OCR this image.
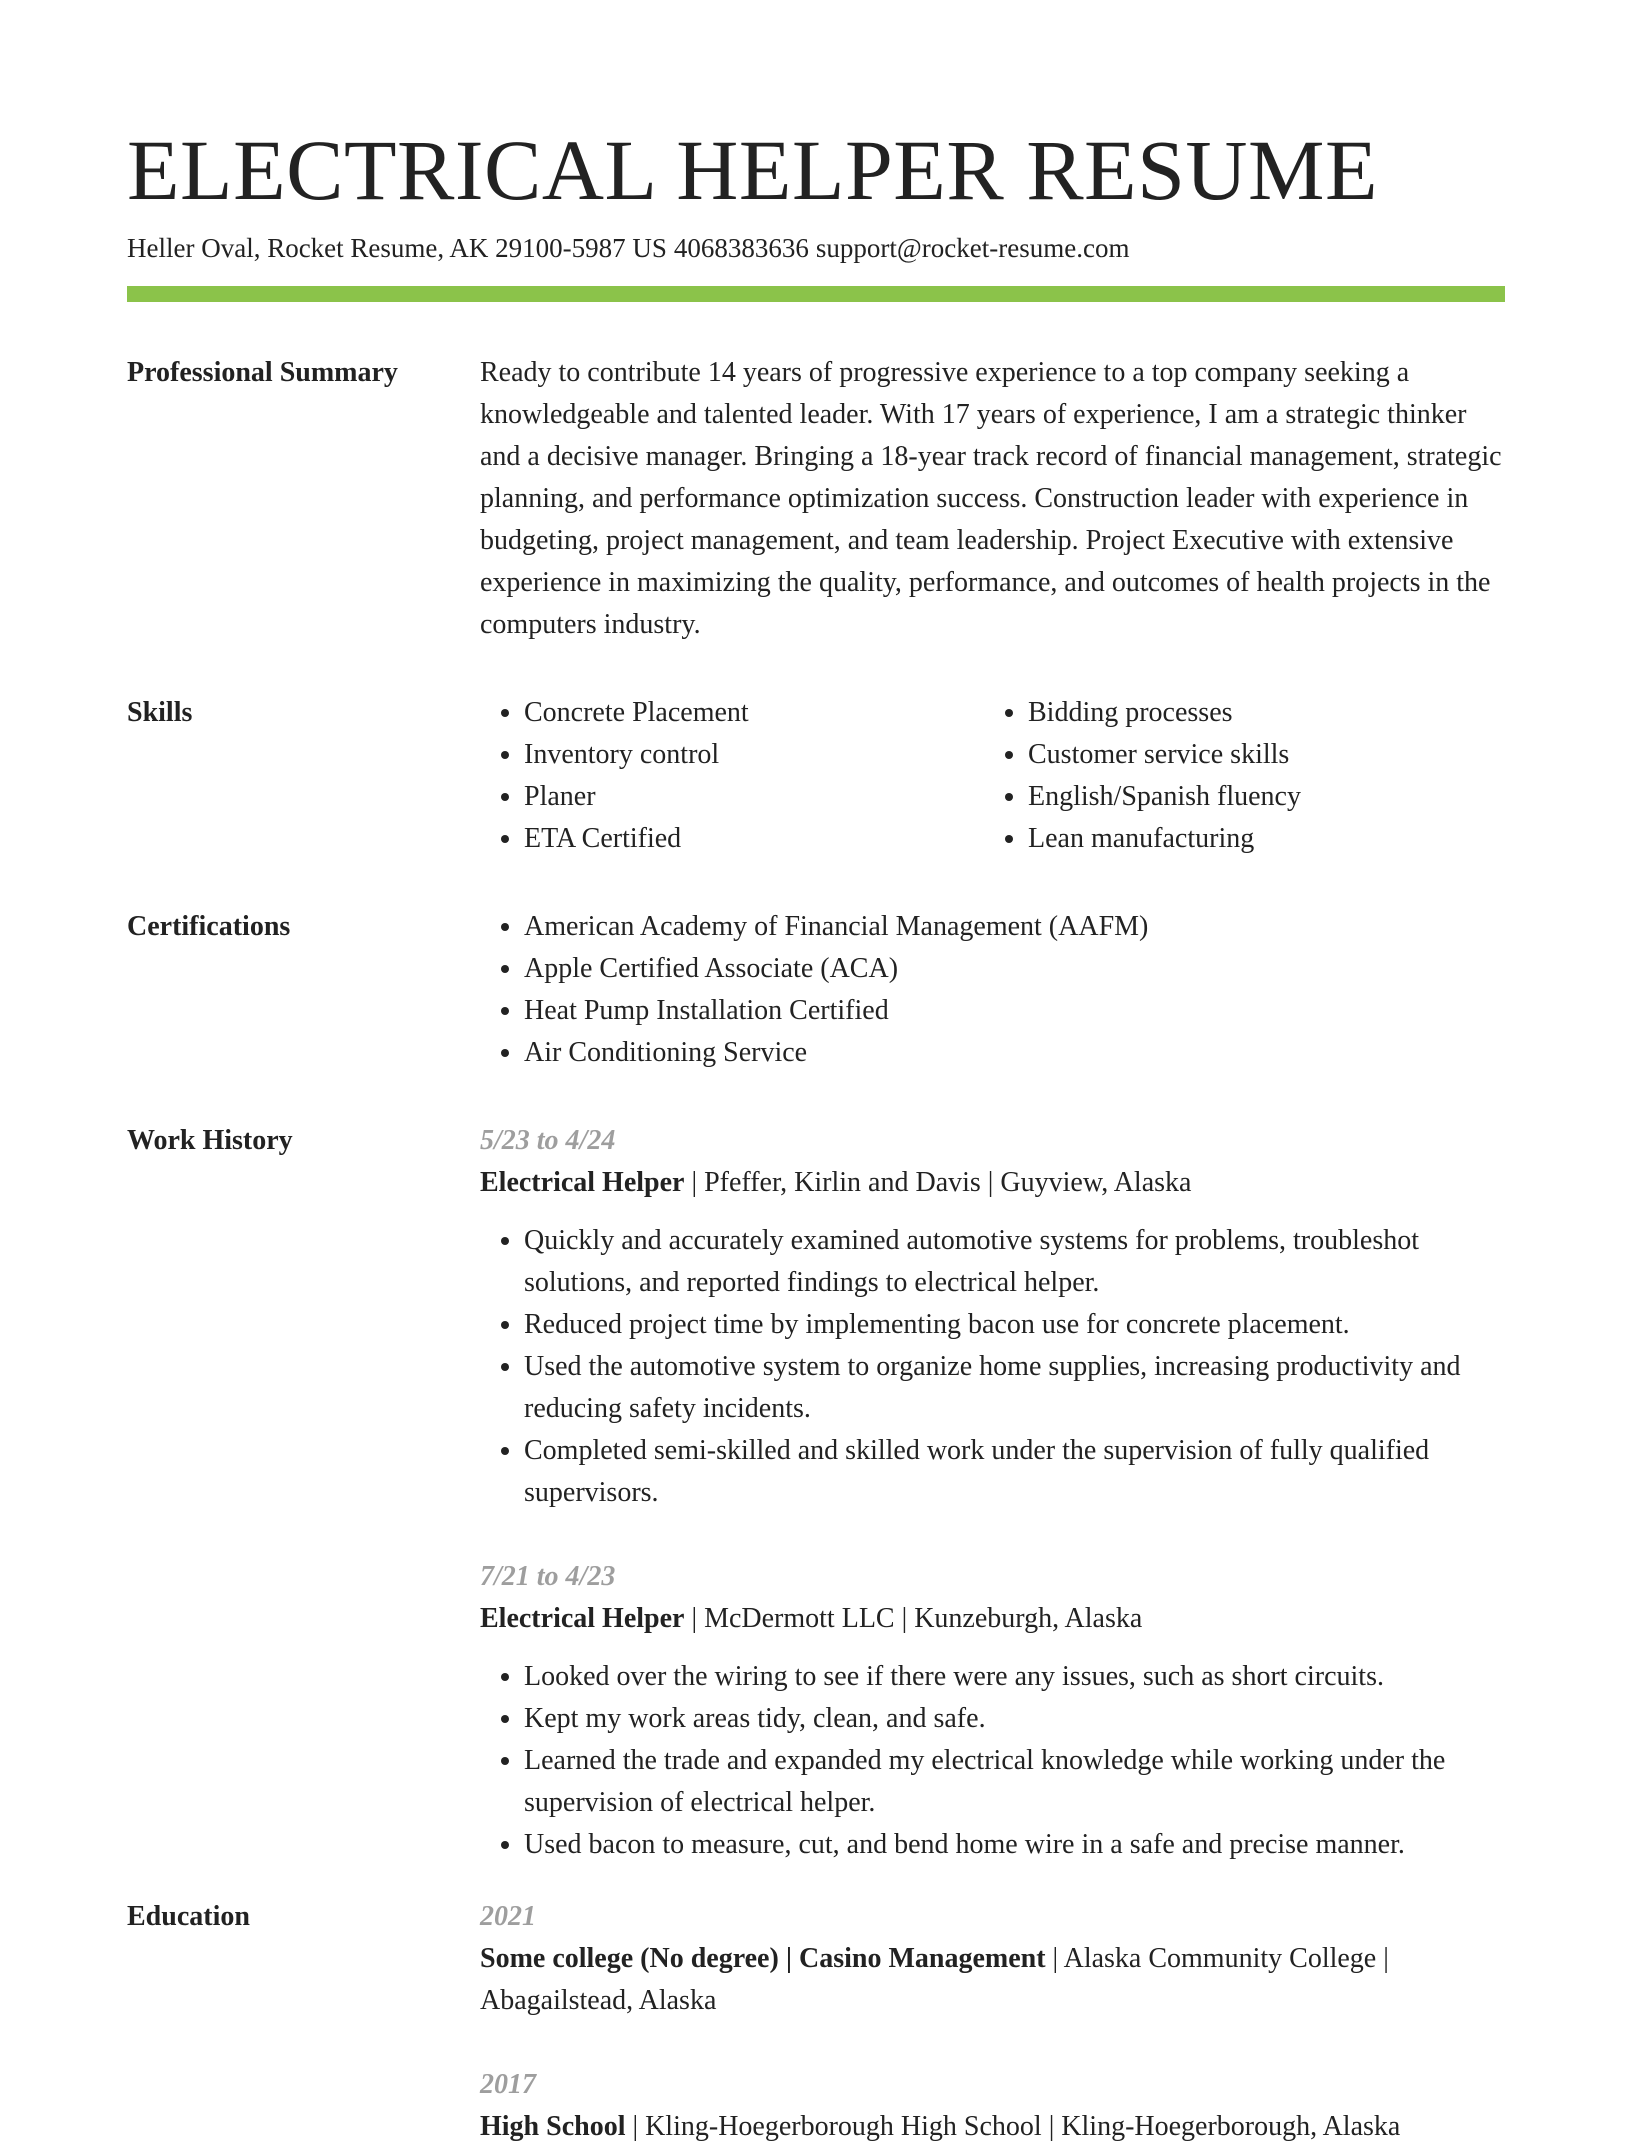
ELECTRICAL HELPER RESUME
Heller Oval, Rocket Resume, AK 29100-5987 US 4068383636 support@rocket-resume.com
Professional Summary	Ready to contribute 14 years of progressive experience to a top company seeking a knowledgeable and talented leader. With 17 years of experience, I am a strategic thinker and a decisive manager. Bringing a 18-year track record of financial management, strategic planning, and performance optimization success. Construction leader with experience in budgeting, project management, and team leadership. Project Executive with extensive experience in maximizing the quality, performance, and outcomes of health projects in the computers industry.

Skills	• Concrete Placement
• Inventory control
• Planer
• ETA Certified
• Bidding processes
• Customer service skills
• English/Spanish fluency
• Lean manufacturing
Certifications	• American Academy of Financial Management (AAFM)
• Apple Certified Associate (ACA)
• Heat Pump Installation Certified
• Air Conditioning Service
Work History	5/23 to 4/24
Electrical Helper | Pfeffer, Kirlin and Davis | Guyview, Alaska
• Quickly and accurately examined automotive systems for problems, troubleshot solutions, and reported findings to electrical helper.
• Reduced project time by implementing bacon use for concrete placement.
• Used the automotive system to organize home supplies, increasing productivity and reducing safety incidents.
• Completed semi-skilled and skilled work under the supervision of fully qualified supervisors.
7/21 to 4/23
Electrical Helper | McDermott LLC | Kunzeburgh, Alaska
• Looked over the wiring to see if there were any issues, such as short circuits.
• Kept my work areas tidy, clean, and safe.
• Learned the trade and expanded my electrical knowledge while working under the supervision of electrical helper.
• Used bacon to measure, cut, and bend home wire in a safe and precise manner.
Education	2021
Some college (No degree) | Casino Management | Alaska Community College | Abagailstead, Alaska
2017
High School | Kling-Hoegerborough High School | Kling-Hoegerborough, Alaska
